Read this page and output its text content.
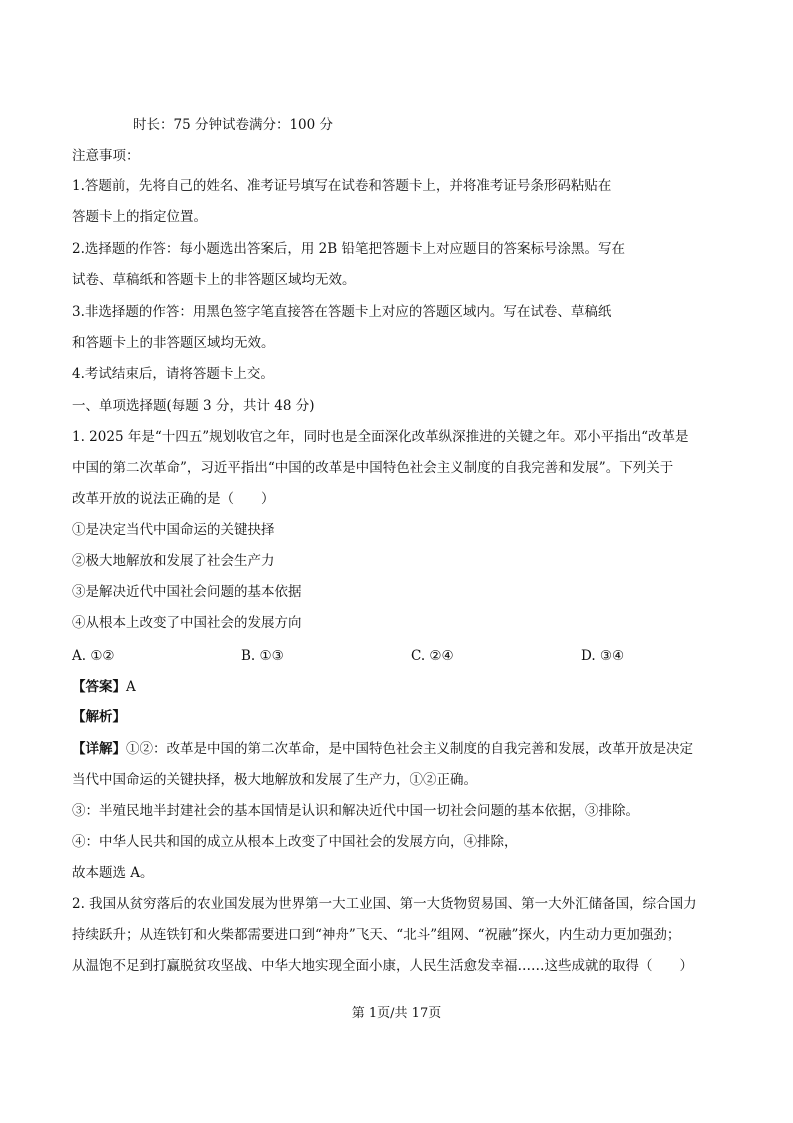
时长：75 分钟试卷满分：100 分
注意事项：
1.答题前，先将自己的姓名、准考证号填写在试卷和答题卡上，并将准考证号条形码粘贴在
答题卡上的指定位置。
2.选择题的作答：每小题选出答案后，用 2B 铅笔把答题卡上对应题目的答案标号涂黑。写在
试卷、草稿纸和答题卡上的非答题区域均无效。
3.非选择题的作答：用黑色签字笔直接答在答题卡上对应的答题区域内。写在试卷、草稿纸
和答题卡上的非答题区域均无效。
4.考试结束后，请将答题卡上交。
一、单项选择题(每题 3 分，共计 48 分)
1. 2025 年是“十四五”规划收官之年，同时也是全面深化改革纵深推进的关键之年。邓小平指出“改革是
中国的第二次革命”，习近平指出“中国的改革是中国特色社会主义制度的自我完善和发展”。下列关于
改革开放的说法正确的是（　　）
①是决定当代中国命运的关键抉择
②极大地解放和发展了社会生产力
③是解决近代中国社会问题的基本依据
④从根本上改变了中国社会的发展方向
A. ①②	B. ①③	C. ②④	D. ③④
【答案】A
【解析】
【详解】①②：改革是中国的第二次革命，是中国特色社会主义制度的自我完善和发展，改革开放是决定
当代中国命运的关键抉择，极大地解放和发展了生产力，①②正确。
③：半殖民地半封建社会的基本国情是认识和解决近代中国一切社会问题的基本依据，③排除。
④：中华人民共和国的成立从根本上改变了中国社会的发展方向，④排除，
故本题选 A。
2. 我国从贫穷落后的农业国发展为世界第一大工业国、第一大货物贸易国、第一大外汇储备国，综合国力
持续跃升；从连铁钉和火柴都需要进口到“神舟”飞天、“北斗”组网、“祝融”探火，内生动力更加强劲；
从温饱不足到打赢脱贫攻坚战、中华大地实现全面小康，人民生活愈发幸福……这些成就的取得（　　）
第 1页/共 17页
